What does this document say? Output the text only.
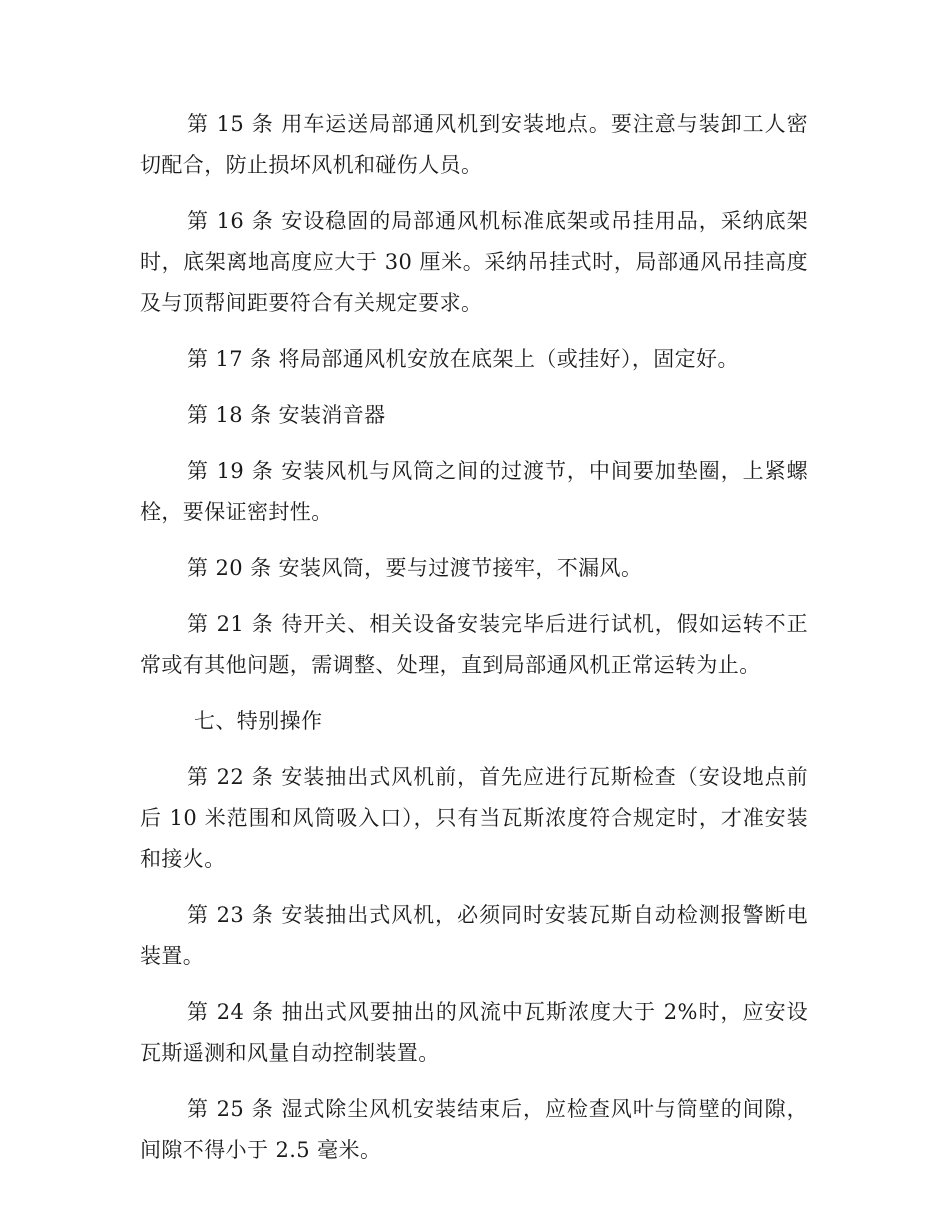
第 15 条 用车运送局部通风机到安装地点。要注意与装卸工人密切配合，防止损坏风机和碰伤人员。

第 16 条 安设稳固的局部通风机标准底架或吊挂用品，采纳底架时，底架离地高度应大于 30 厘米。采纳吊挂式时，局部通风吊挂高度及与顶帮间距要符合有关规定要求。

第 17 条 将局部通风机安放在底架上（或挂好），固定好。

第 18 条 安装消音器

第 19 条 安装风机与风筒之间的过渡节，中间要加垫圈，上紧螺栓，要保证密封性。

第 20 条 安装风筒，要与过渡节接牢，不漏风。

第 21 条 待开关、相关设备安装完毕后进行试机，假如运转不正常或有其他问题，需调整、处理，直到局部通风机正常运转为止。

七、特别操作

第 22 条 安装抽出式风机前，首先应进行瓦斯检查（安设地点前后 10 米范围和风筒吸入口），只有当瓦斯浓度符合规定时，才准安装和接火。

第 23 条 安装抽出式风机，必须同时安装瓦斯自动检测报警断电装置。

第 24 条 抽出式风要抽出的风流中瓦斯浓度大于 2%时，应安设瓦斯遥测和风量自动控制装置。

第 25 条 湿式除尘风机安装结束后，应检查风叶与筒壁的间隙，间隙不得小于 2.5 毫米。
